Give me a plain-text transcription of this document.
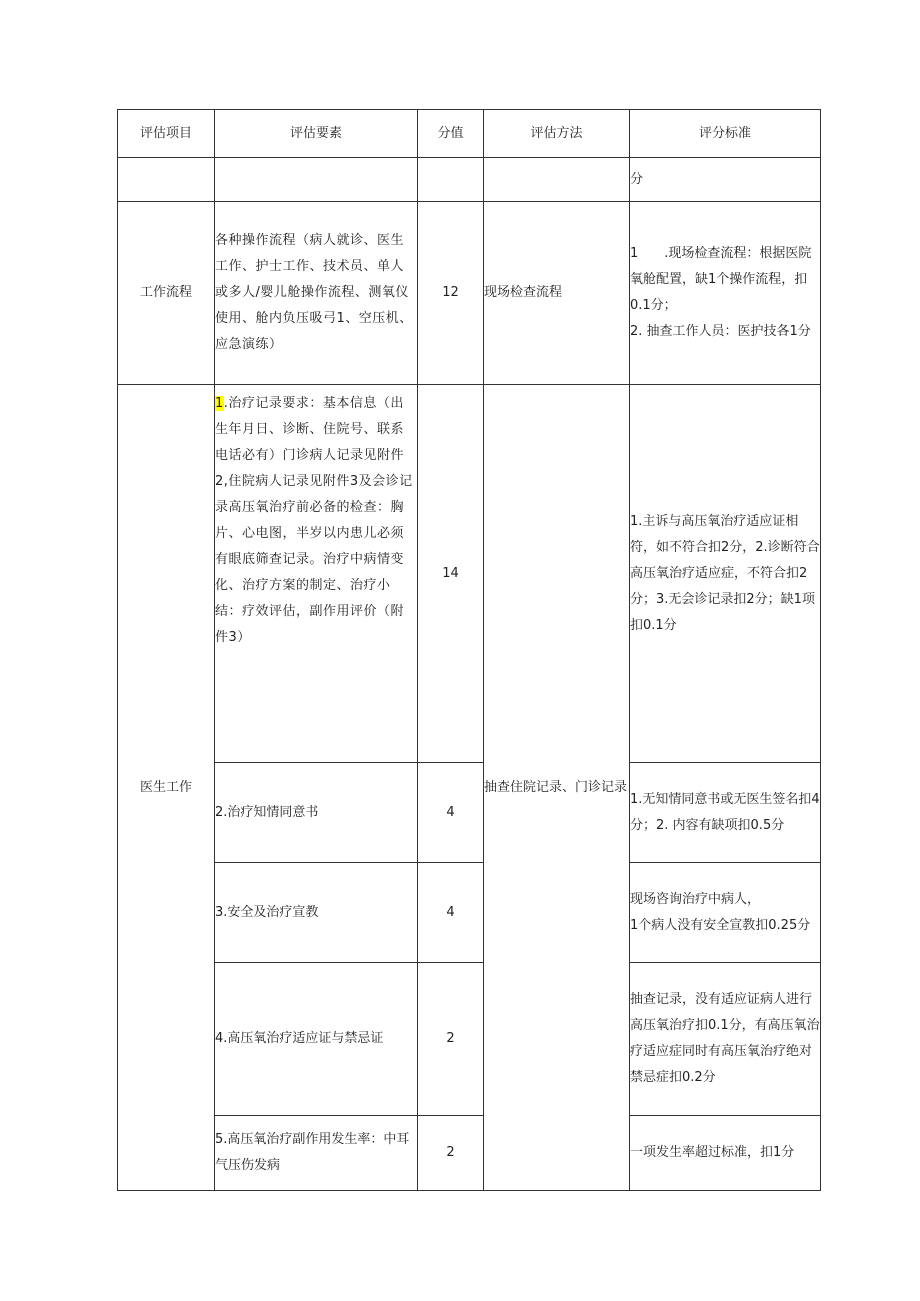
评估项目	评估要素	分值	评估方法	评分标准
				分
工作流程	各种操作流程（病人就诊、医生工作、护士工作、技术员、单人或多人/婴儿舱操作流程、测氧仪使用、舱内负压吸弓1、空压机、应急演练）	12	现场检查流程	1　　.现场检查流程：根据医院氧舱配置，缺1个操作流程，扣0.1分；
2. 抽查工作人员：医护技各1分

医生工作	1.治疗记录要求：基本信息（出生年月日、诊断、住院号、联系电话必有）门诊病人记录见附件2,住院病人记录见附件3及会诊记录高压氧治疗前必备的检查：胸片、心电图，半岁以内患儿必须有眼底筛查记录。治疗中病情变化、治疗方案的制定、治疗小结：疗效评估，副作用评价（附件3）	14	抽查住院记录、门诊记录	1.主诉与高压氧治疗适应证相符，如不符合扣2分，2.诊断符合高压氧治疗适应症，不符合扣2分；3.无会诊记录扣2分；缺1项扣0.1分
	2.治疗知情同意书	4		1.无知情同意书或无医生签名扣4分；2. 内容有缺项扣0.5分
	3.安全及治疗宣教	4		现场咨询治疗中病人，
1个病人没有安全宣教扣0.25分
	4.高压氧治疗适应证与禁忌证	2		抽查记录，没有适应证病人进行高压氧治疗扣0.1分，有高压氧治疗适应症同时有高压氧治疗绝对禁忌症扣0.2分
	5.高压氧治疗副作用发生率：中耳气压伤发病	2		一项发生率超过标准，扣1分
